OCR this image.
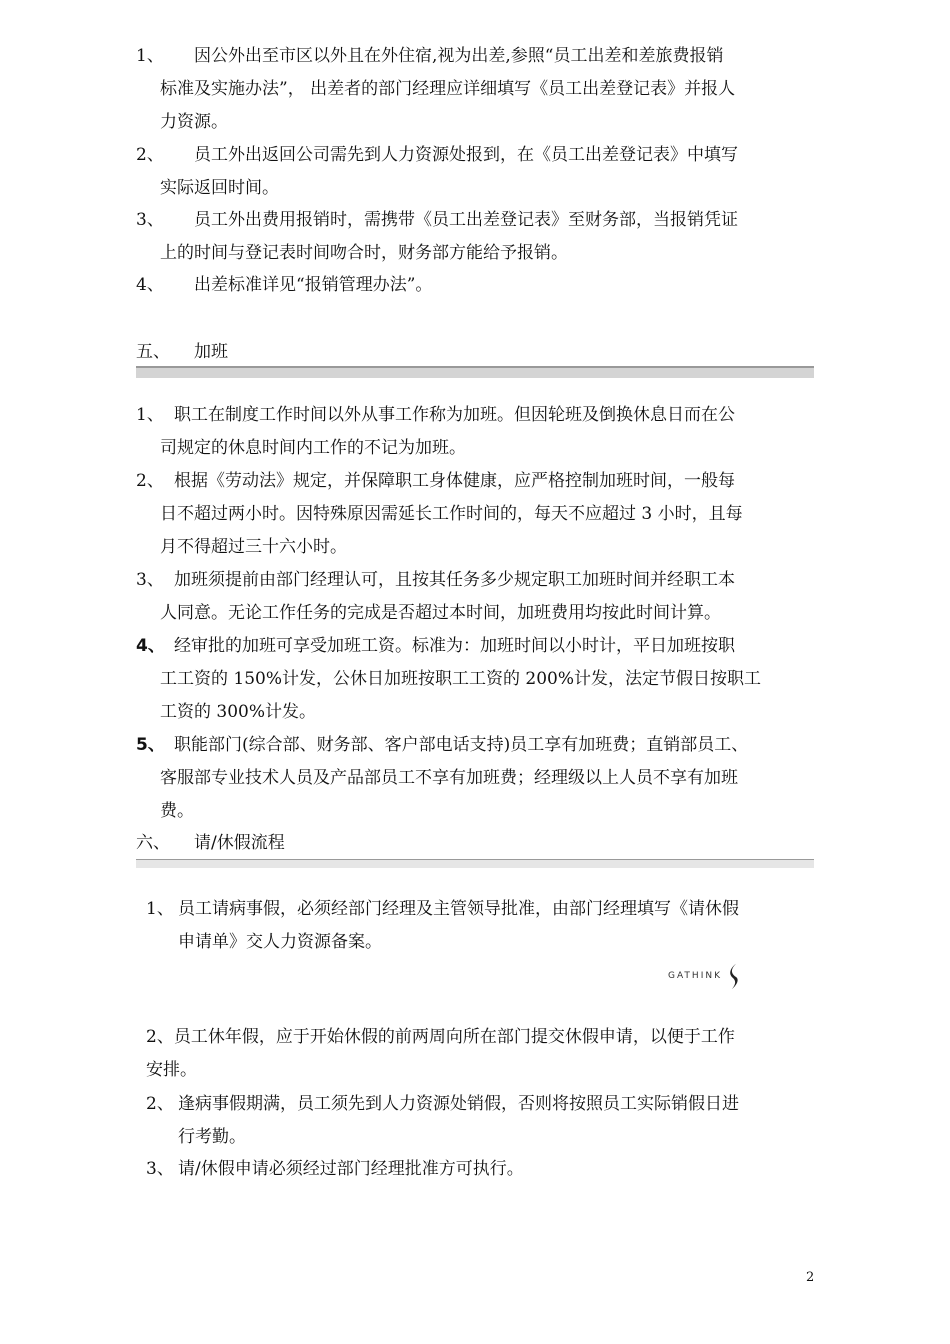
1、	因公外出至市区以外且在外住宿,视为出差,参照“员工出差和差旅费报销
标准及实施办法”， 出差者的部门经理应详细填写《员工出差登记表》并报人
力资源。
2、	员工外出返回公司需先到人力资源处报到，在《员工出差登记表》中填写
实际返回时间。
3、	员工外出费用报销时，需携带《员工出差登记表》至财务部，当报销凭证
上的时间与登记表时间吻合时，财务部方能给予报销。
4、	出差标准详见“报销管理办法”。
五、 加班
1、 职工在制度工作时间以外从事工作称为加班。但因轮班及倒换休息日而在公
司规定的休息时间内工作的不记为加班。
2、 根据《劳动法》规定，并保障职工身体健康，应严格控制加班时间，一般每
日不超过两小时。因特殊原因需延长工作时间的，每天不应超过 3 小时，且每
月不得超过三十六小时。
3、 加班须提前由部门经理认可，且按其任务多少规定职工加班时间并经职工本
人同意。无论工作任务的完成是否超过本时间，加班费用均按此时间计算。
4、 经审批的加班可享受加班工资。标准为：加班时间以小时计，平日加班按职
工工资的 150%计发，公休日加班按职工工资的 200%计发，法定节假日按职工
工资的 300%计发。
5、 职能部门(综合部、财务部、客户部电话支持)员工享有加班费；直销部员工、
客服部专业技术人员及产品部员工不享有加班费；经理级以上人员不享有加班
费。
六、 请/休假流程
1、 员工请病事假，必须经部门经理及主管领导批准，由部门经理填写《请休假
申请单》交人力资源备案。
GATHINK
2、员工休年假，应于开始休假的前两周向所在部门提交休假申请，以便于工作
安排。
2、 逢病事假期满，员工须先到人力资源处销假，否则将按照员工实际销假日进
行考勤。
3、 请/休假申请必须经过部门经理批准方可执行。
2
